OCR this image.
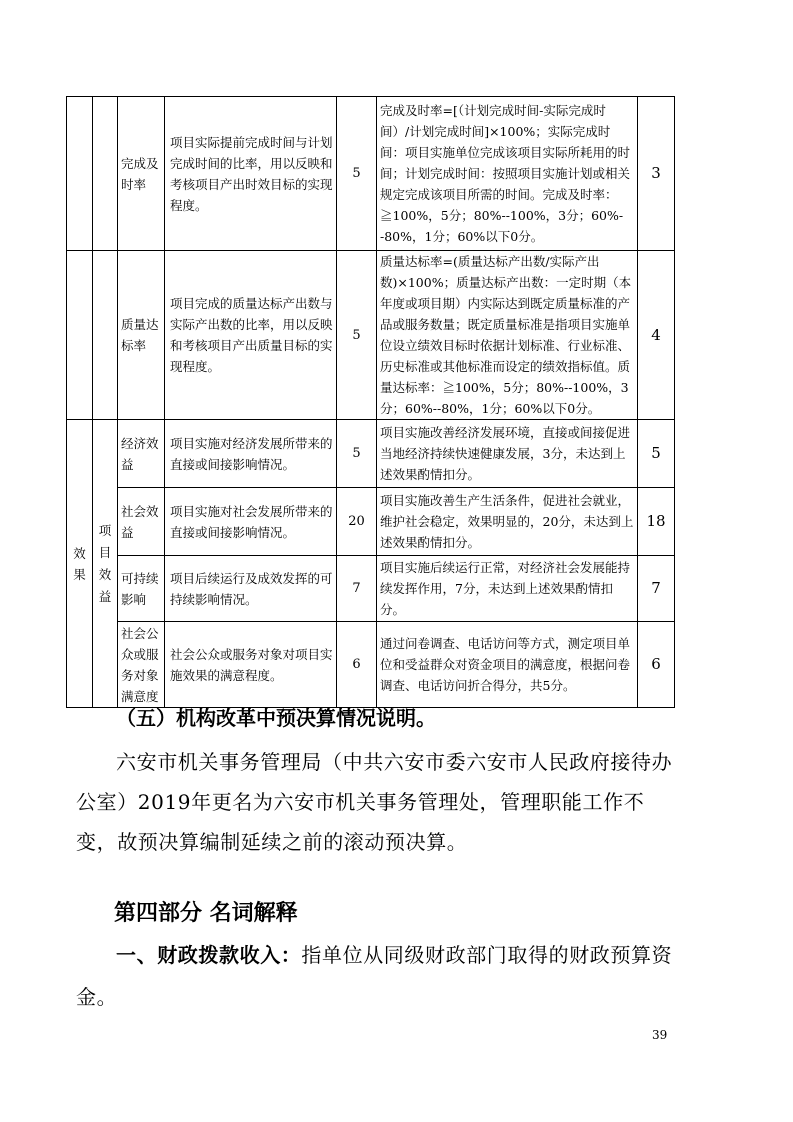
		完成及时率	项目实际提前完成时间与计划完成时间的比率，用以反映和考核项目产出时效目标的实现程度。	5	完成及时率=[（计划完成时间-实际完成时间）/计划完成时间]×100%；实际完成时间：项目实施单位完成该项目实际所耗用的时间；计划完成时间：按照项目实施计划或相关规定完成该项目所需的时间。完成及时率：≧100%，5分；80%--100%，3分；60%--80%，1分；60%以下0分。	3
		质量达标率	项目完成的质量达标产出数与实际产出数的比率，用以反映和考核项目产出质量目标的实现程度。	5	质量达标率=(质量达标产出数/实际产出数)×100%；质量达标产出数：一定时期（本年度或项目期）内实际达到既定质量标准的产品或服务数量；既定质量标准是指项目实施单位设立绩效目标时依据计划标准、行业标准、历史标准或其他标准而设定的绩效指标值。质量达标率：≧100%，5分；80%--100%，3分；60%--80%，1分；60%以下0分。	4

效果	项目效益	经济效益	项目实施对经济发展所带来的直接或间接影响情况。	5	项目实施改善经济发展环境，直接或间接促进当地经济持续快速健康发展，3分，未达到上述效果酌情扣分。	5
		社会效益	项目实施对社会发展所带来的直接或间接影响情况。	20	项目实施改善生产生活条件，促进社会就业，维护社会稳定，效果明显的，20分，未达到上述效果酌情扣分。	18
		可持续影响	项目后续运行及成效发挥的可持续影响情况。	7	项目实施后续运行正常，对经济社会发展能持续发挥作用，7分，未达到上述效果酌情扣分。	7
		社会公众或服务对象满意度	社会公众或服务对象对项目实施效果的满意程度。	6	通过问卷调查、电话访问等方式，测定项目单位和受益群众对资金项目的满意度，根据问卷调查、电话访问折合得分，共5分。	6
（五）机构改革中预决算情况说明。
六安市机关事务管理局（中共六安市委六安市人民政府接待办公室）2019年更名为六安市机关事务管理处，管理职能工作不变，故预决算编制延续之前的滚动预决算。
第四部分 名词解释
一、财政拨款收入：指单位从同级财政部门取得的财政预算资金。
39
